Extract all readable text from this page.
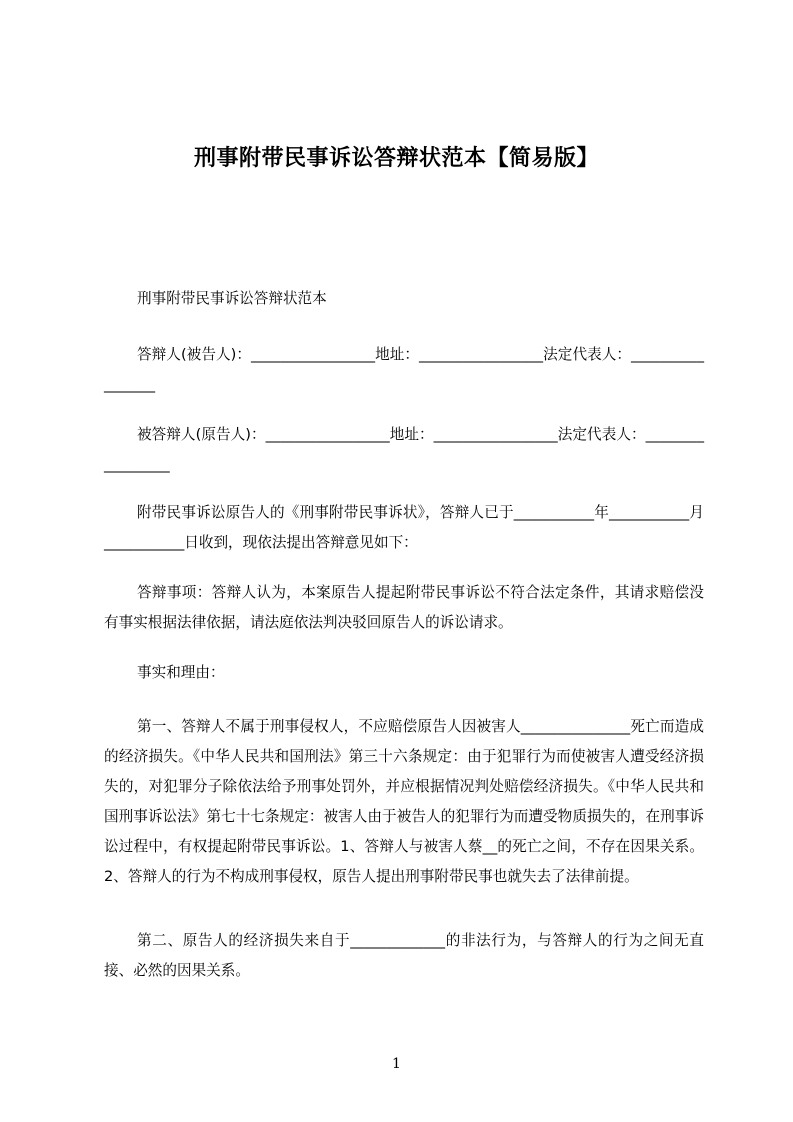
刑事附带民事诉讼答辩状范本【简易版】

刑事附带民事诉讼答辩状范本

答辩人(被告人)：_________________地址：_________________法定代表人：_________________

被答辩人(原告人)：_________________地址：_________________法定代表人：_________________

附带民事诉讼原告人的《刑事附带民事诉状》，答辩人已于___________年___________月___________日收到，现依法提出答辩意见如下：

答辩事项：答辩人认为，本案原告人提起附带民事诉讼不符合法定条件，其请求赔偿没有事实根据法律依据，请法庭依法判决驳回原告人的诉讼请求。

事实和理由：

第一、答辩人不属于刑事侵权人，不应赔偿原告人因被害人_______________死亡而造成的经济损失。《中华人民共和国刑法》第三十六条规定：由于犯罪行为而使被害人遭受经济损失的，对犯罪分子除依法给予刑事处罚外，并应根据情况判处赔偿经济损失。《中华人民共和国刑事诉讼法》第七十七条规定：被害人由于被告人的犯罪行为而遭受物质损失的，在刑事诉讼过程中，有权提起附带民事诉讼。1、答辩人与被害人蔡__的死亡之间，不存在因果关系。2、答辩人的行为不构成刑事侵权，原告人提出刑事附带民事也就失去了法律前提。

第二、原告人的经济损失来自于_____________的非法行为，与答辩人的行为之间无直接、必然的因果关系。

1
